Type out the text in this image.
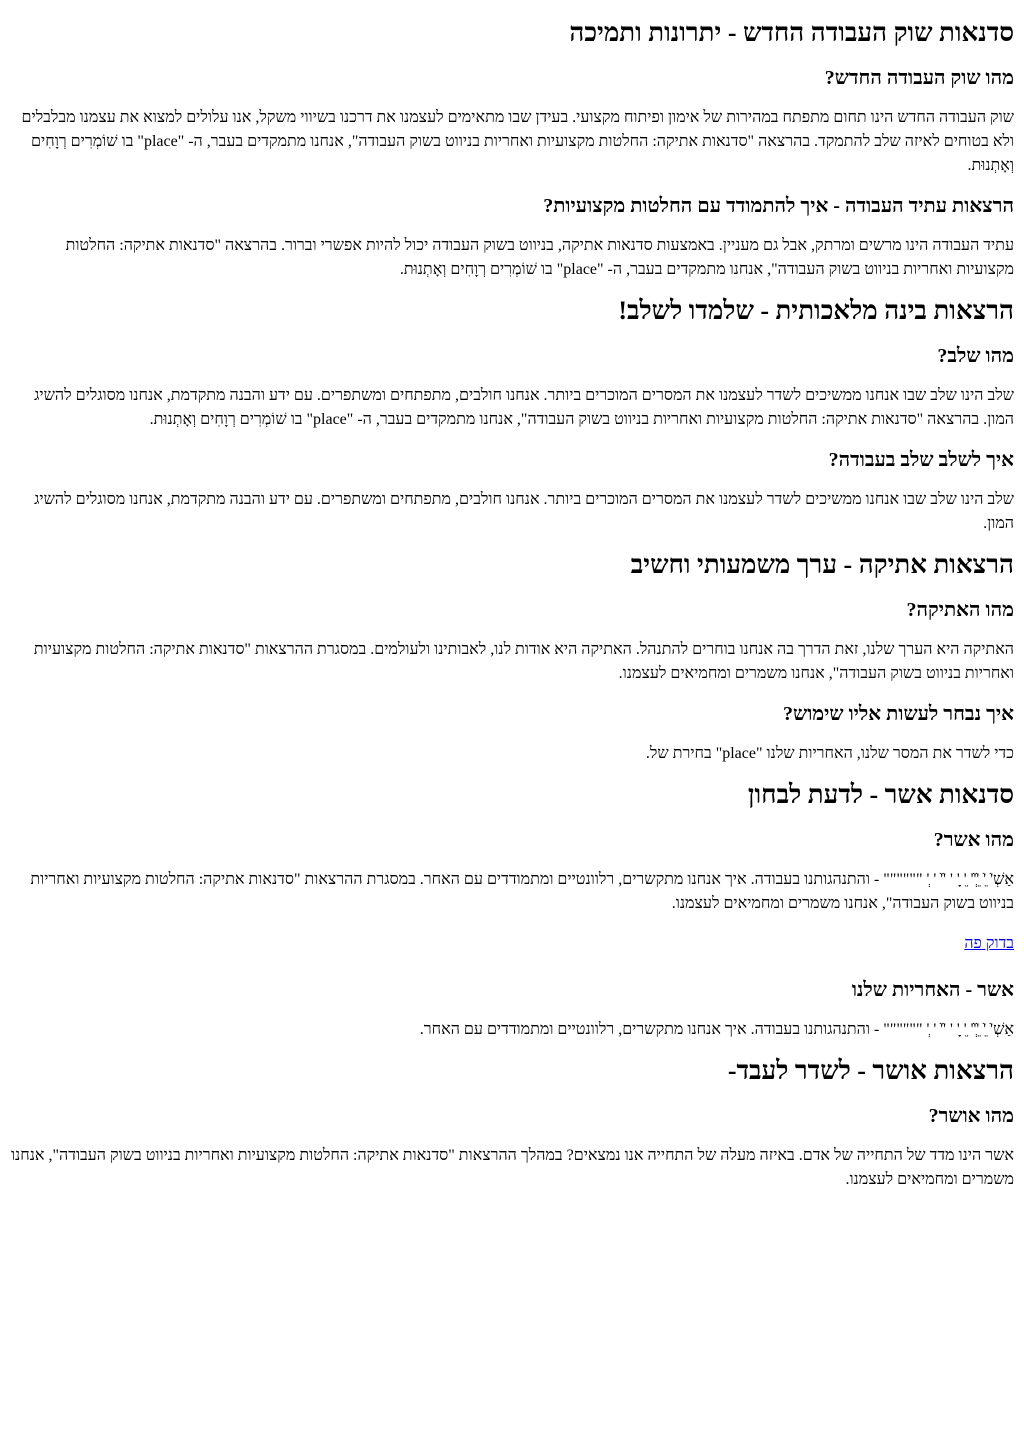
סדנאות שוק העבודה החדש - יתרונות ותמיכה
מהו שוק העבודה החדש?

שוק העבודה החדש הינו תחום מתפתח במהירות של אימון ופיתוח מקצועי. בעידן שבו מתאימים לעצמנו את דרכנו בשיווי משקל, אנו עלולים למצוא את עצמנו מבלבלים ולא בטוחים לאיזה שלב להתמקד. בהרצאה "סדנאות אתיקה: החלטות מקצועיות ואחריות בניווט בשוק העבודה", אנחנו מתמקדים בעבר, ה- "place" בו שׁוֹמְרִים רְוָחִים וְאָתְנוּת.

הרצאות עתיד העבודה - איך להתמודד עם החלטות מקצועיות?

עתיד העבודה הינו מרשים ומרתק, אבל גם מעניין. באמצעות סדנאות אתיקה, בניווט בשוק העבודה יכול להיות אפשרי וברור. בהרצאה "סדנאות אתיקה: החלטות מקצועיות ואחריות בניווט בשוק העבודה", אנחנו מתמקדים בעבר, ה- "place" בו שׁוֹמְרִים רְוָחִים וְאָתְנוּת.

הרצאות בינה מלאכותית - שלמדו לשלב!
מהו שלב?

שלב הינו שלב שבו אנחנו ממשיכים לשדר לעצמנו את המסרים המוכרים ביותר. אנחנו חולבים, מתפתחים ומשתפרים. עם ידע והבנה מתקדמת, אנחנו מסוגלים להשיג המון. בהרצאה "סדנאות אתיקה: החלטות מקצועיות ואחריות בניווט בשוק העבודה", אנחנו מתמקדים בעבר, ה- "place" בו שׁוֹמְרִים רְוָחִים וְאָתְנוּת.

איך לשלב שלב בעבודה?

שלב הינו שלב שבו אנחנו ממשיכים לשדר לעצמנו את המסרים המוכרים ביותר. אנחנו חולבים, מתפתחים ומשתפרים. עם ידע והבנה מתקדמת, אנחנו מסוגלים להשיג המון.

הרצאות אתיקה - ערך משמעותי וחשיב
מהו האתיקה?

האתיקה היא הערך שלנו, זאת הדרך בה אנחנו בוחרים להתנהל. האתיקה היא אודות לנו, לאבותינו ולעולמים. במסגרת ההרצאות "סדנאות אתיקה: החלטות מקצועיות ואחריות בניווט בשוק העבודה", אנחנו משמרים ומחמיאים לעצמנו.

איך נבחר לעשות אליו שימוש?

כדי לשדר את המסר שלנו, האחריות שלנו "place" בחירת של.

סדנאות אשר - לדעת לבחון
מהו אשר?

אַשְׁ'ֹ ֵ'ֹ ֵ'ְֹ'ֹ' ֵ' ָ' ' 'ֹ'ֹ ' ְ' """""" - והתנהגותנו בעבודה. איך אנחנו מתקשרים, רלוונטיים ומתמודדים עם האחר. במסגרת ההרצאות "סדנאות אתיקה: החלטות מקצועיות ואחריות בניווט בשוק העבודה", אנחנו משמרים ומחמיאים לעצמנו.

בדוק פה
אשר - האחריות שלנו

אַשְׁ'ֹ ֵ'ֹ ֵ'ְֹ'ֹ' ֵ' ָ' ' 'ֹ'ֹ ' ְ' """""" - והתנהגותנו בעבודה. איך אנחנו מתקשרים, רלוונטיים ומתמודדים עם האחר.

הרצאות אושר - לשדר לעבד-
מהו אושר?

אשר הינו מדד של התחייה של אדם. באיזה מעלה של התחייה אנו נמצאים? במהלך ההרצאות "סדנאות אתיקה: החלטות מקצועיות ואחריות בניווט בשוק העבודה", אנחנו משמרים ומחמיאים לעצמנו.
